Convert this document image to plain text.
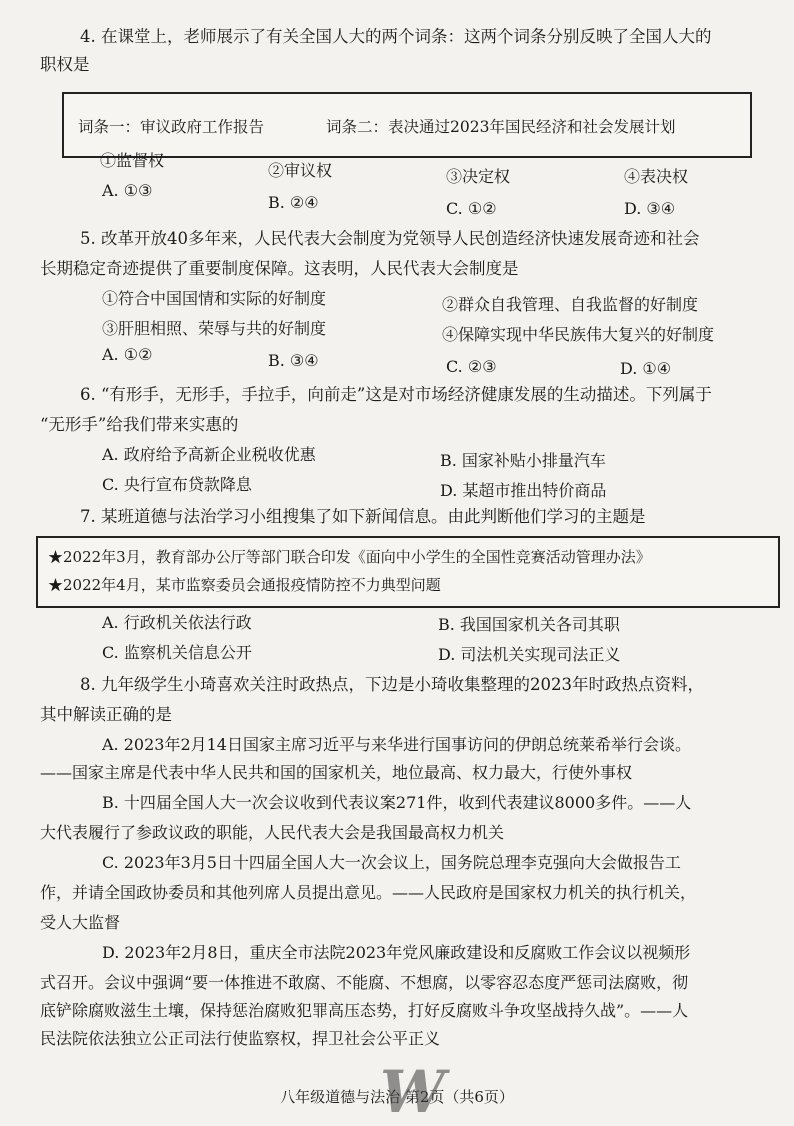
4. 在课堂上，老师展示了有关全国人大的两个词条：这两个词条分别反映了全国人大的
职权是
词条一：审议政府工作报告	词条二：表决通过2023年国民经济和社会发展计划
①监督权
②审议权	③决定权	④表决权
A. ①③
B. ②④	C. ①②	D. ③④
5. 改革开放40多年来，人民代表大会制度为党领导人民创造经济快速发展奇迹和社会
长期稳定奇迹提供了重要制度保障。这表明，人民代表大会制度是
①符合中国国情和实际的好制度	②群众自我管理、自我监督的好制度
③肝胆相照、荣辱与共的好制度	④保障实现中华民族伟大复兴的好制度
A. ①②	B. ③④	C. ②③	D. ①④
6. “有形手，无形手，手拉手，向前走”这是对市场经济健康发展的生动描述。下列属于
“无形手”给我们带来实惠的
A. 政府给予高新企业税收优惠	B. 国家补贴小排量汽车
C. 央行宣布贷款降息	D. 某超市推出特价商品
7. 某班道德与法治学习小组搜集了如下新闻信息。由此判断他们学习的主题是
★2022年3月，教育部办公厅等部门联合印发《面向中小学生的全国性竞赛活动管理办法》
★2022年4月，某市监察委员会通报疫情防控不力典型问题
A. 行政机关依法行政	B. 我国国家机关各司其职
C. 监察机关信息公开	D. 司法机关实现司法正义
8. 九年级学生小琦喜欢关注时政热点，下边是小琦收集整理的2023年时政热点资料，
其中解读正确的是
A. 2023年2月14日国家主席习近平与来华进行国事访问的伊朗总统莱希举行会谈。
——国家主席是代表中华人民共和国的国家机关，地位最高、权力最大，行使外事权
B. 十四届全国人大一次会议收到代表议案271件，收到代表建议8000多件。——人
大代表履行了参政议政的职能，人民代表大会是我国最高权力机关
C. 2023年3月5日十四届全国人大一次会议上，国务院总理李克强向大会做报告工
作，并请全国政协委员和其他列席人员提出意见。——人民政府是国家权力机关的执行机关，
受人大监督
D. 2023年2月8日，重庆全市法院2023年党风廉政建设和反腐败工作会议以视频形
式召开。会议中强调“要一体推进不敢腐、不能腐、不想腐，以零容忍态度严惩司法腐败，彻
底铲除腐败滋生土壤，保持惩治腐败犯罪高压态势，打好反腐败斗争攻坚战持久战”。——人
民法院依法独立公正司法行使监察权，捍卫社会公平正义
八年级道德与法治 第2页（共6页）
W
